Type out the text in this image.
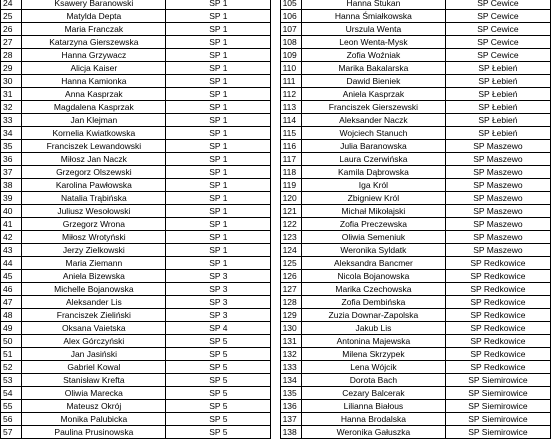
24	Ksawery Baranowski	SP 1		105	Hanna Stukan	SP Cewice
25	Matylda Depta	SP 1		106	Hanna Śmiałkowska	SP Cewice
26	Maria Franczak	SP 1		107	Urszula Wenta	SP Cewice
27	Katarzyna Gierszewska	SP 1		108	Leon Wenta-Mysk	SP Cewice
28	Hanna Grzywacz	SP 1		109	Zofia Woźniak	SP Cewice
29	Alicja Kaiser	SP 1		110	Marika Bakalarska	SP Łebień
30	Hanna Kamionka	SP 1		111	Dawid Bieniek	SP Łebień
31	Anna Kasprzak	SP 1		112	Aniela Kasprzak	SP Łebień
32	Magdalena Kasprzak	SP 1		113	Franciszek Gierszewski	SP Łebień
33	Jan Klejman	SP 1		114	Aleksander Naczk	SP Łebień
34	Kornelia Kwiatkowska	SP 1		115	Wojciech Stanuch	SP Łebień
35	Franciszek Lewandowski	SP 1		116	Julia Baranowska	SP Maszewo
36	Miłosz Jan Naczk	SP 1		117	Laura Czerwińska	SP Maszewo
37	Grzegorz Olszewski	SP 1		118	Kamila Dąbrowska	SP Maszewo
38	Karolina Pawłowska	SP 1		119	Iga Król	SP Maszewo
39	Natalia Trąbińska	SP 1		120	Zbigniew Król	SP Maszewo
40	Juliusz Wesołowski	SP 1		121	Michał Mikołajski	SP Maszewo
41	Grzegorz Wrona	SP 1		122	Zofia Preczewska	SP Maszewo
42	Miłosz Wrotyński	SP 1		123	Oliwia Semeniuk	SP Maszewo
43	Jerzy Zielkowski	SP 1		124	Weronika Syldatk	SP Maszewo
44	Maria Ziemann	SP 1		125	Aleksandra Bancmer	SP Redkowice
45	Aniela Bizewska	SP 3		126	Nicola Bojanowska	SP Redkowice
46	Michelle Bojanowska	SP 3		127	Marika Czechowska	SP Redkowice
47	Aleksander Lis	SP 3		128	Zofia Dembińska	SP Redkowice
48	Franciszek Zieliński	SP 3		129	Zuzia Downar-Zapolska	SP Redkowice
49	Oksana Vaietska	SP 4		130	Jakub Lis	SP Redkowice
50	Alex Górczyński	SP 5		131	Antonina Majewska	SP Redkowice
51	Jan Jasiński	SP 5		132	Milena Skrzypek	SP Redkowice
52	Gabriel Kowal	SP 5		133	Lena Wójcik	SP Redkowice
53	Stanisław Krefta	SP 5		134	Dorota Bach	SP Siemirowice
54	Oliwia Marecka	SP 5		135	Cezary Balcerak	SP Siemirowice
55	Mateusz Okrój	SP 5		136	Lilianna Białous	SP Siemirowice
56	Monika Palubicka	SP 5		137	Hanna Brodalska	SP Siemirowice
57	Paulina Prusinowska	SP 5		138	Weronika Gałuszka	SP Siemirowice
